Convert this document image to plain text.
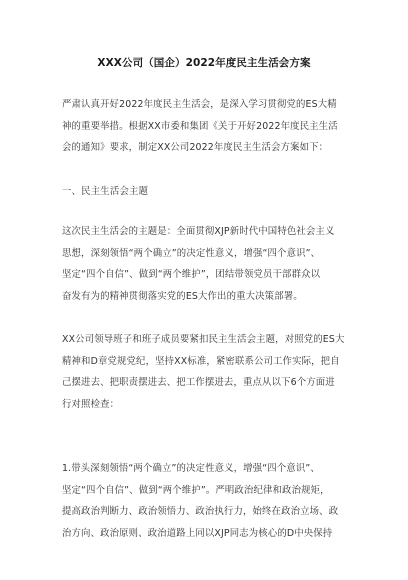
XXX公司（国企）2022年度民主生活会方案
严肃认真开好2022年度民主生活会，是深入学习贯彻党的ES大精
神的重要举措。根据XX市委和集团《关于开好2022年度民主生活
会的通知》要求，制定XX公司2022年度民主生活会方案如下：
一、民主生活会主题
这次民主生活会的主题是：全面贯彻XJP新时代中国特色社会主义
思想，深刻领悟“两个确立”的决定性意义，增强“四个意识”、
坚定“四个自信”、做到“两个维护”，团结带领党员干部群众以
奋发有为的精神贯彻落实党的ES大作出的重大决策部署。
XX公司领导班子和班子成员要紧扣民主生活会主题，对照党的ES大
精神和D章党规党纪，坚持XX标准，紧密联系公司工作实际，把自
己摆进去、把职责摆进去、把工作摆进去，重点从以下6个方面进
行对照检查：
1.带头深刻领悟“两个确立”的决定性意义，增强“四个意识”、
坚定“四个自信”、做到“两个维护”。严明政治纪律和政治规矩，
提高政治判断力、政治领悟力、政治执行力，始终在政治立场、政
治方向、政治原则、政治道路上同以XJP同志为核心的D中央保持
